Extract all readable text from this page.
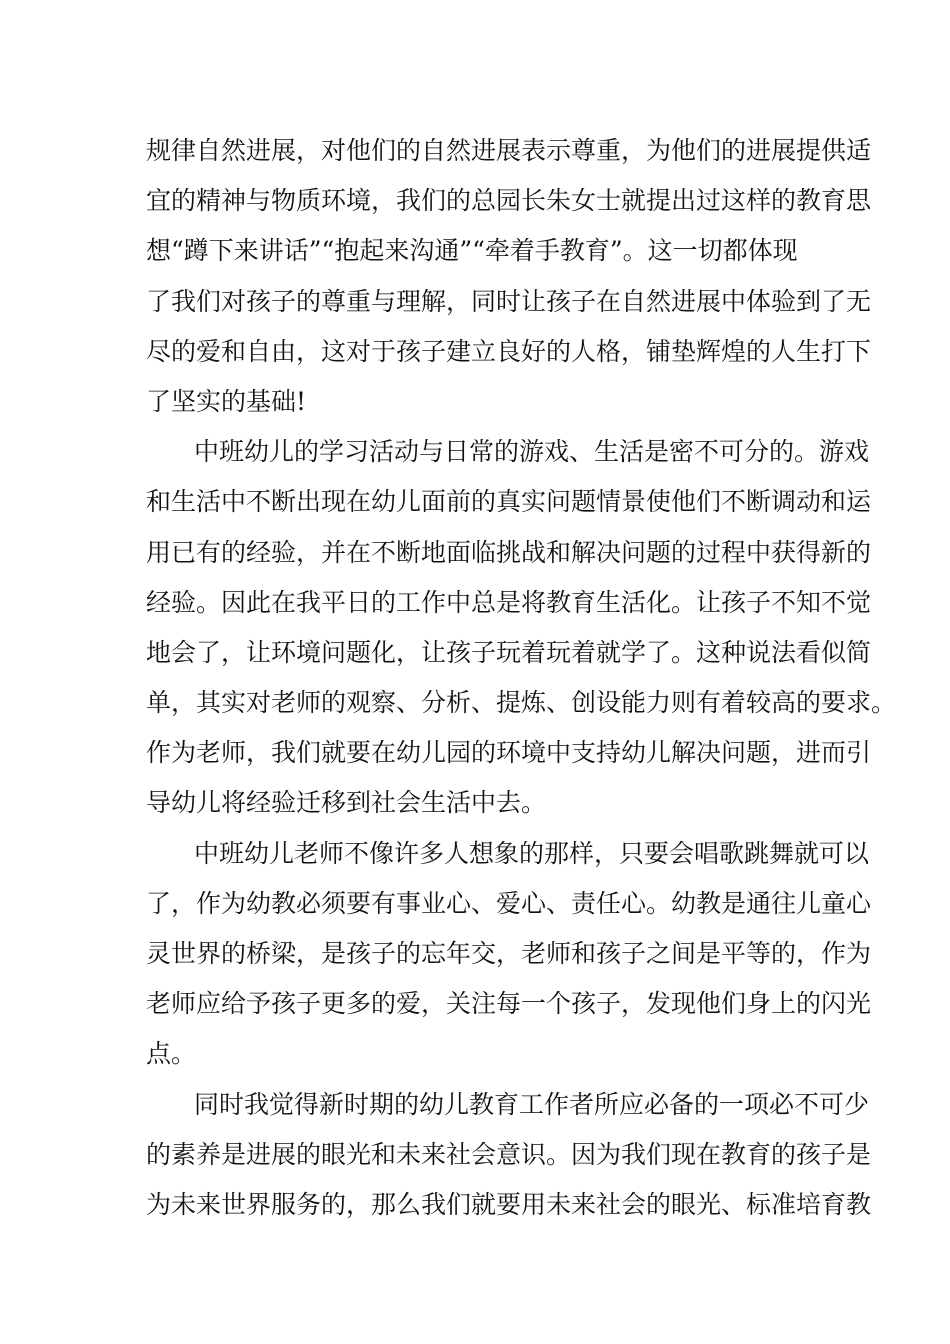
规律自然进展，对他们的自然进展表示尊重，为他们的进展提供适
宜的精神与物质环境，我们的总园长朱女士就提出过这样的教育思
想“蹲下来讲话”“抱起来沟通”“牵着手教育”。这一切都体现
了我们对孩子的尊重与理解，同时让孩子在自然进展中体验到了无
尽的爱和自由，这对于孩子建立良好的人格，铺垫辉煌的人生打下
了坚实的基础!
中班幼儿的学习活动与日常的游戏、生活是密不可分的。游戏
和生活中不断出现在幼儿面前的真实问题情景使他们不断调动和运
用已有的经验，并在不断地面临挑战和解决问题的过程中获得新的
经验。因此在我平日的工作中总是将教育生活化。让孩子不知不觉
地会了，让环境问题化，让孩子玩着玩着就学了。这种说法看似简
单，其实对老师的观察、分析、提炼、创设能力则有着较高的要求。
作为老师，我们就要在幼儿园的环境中支持幼儿解决问题，进而引
导幼儿将经验迁移到社会生活中去。
中班幼儿老师不像许多人想象的那样，只要会唱歌跳舞就可以
了，作为幼教必须要有事业心、爱心、责任心。幼教是通往儿童心
灵世界的桥梁，是孩子的忘年交，老师和孩子之间是平等的，作为
老师应给予孩子更多的爱，关注每一个孩子，发现他们身上的闪光
点。
同时我觉得新时期的幼儿教育工作者所应必备的一项必不可少
的素养是进展的眼光和未来社会意识。因为我们现在教育的孩子是
为未来世界服务的，那么我们就要用未来社会的眼光、标准培育教
